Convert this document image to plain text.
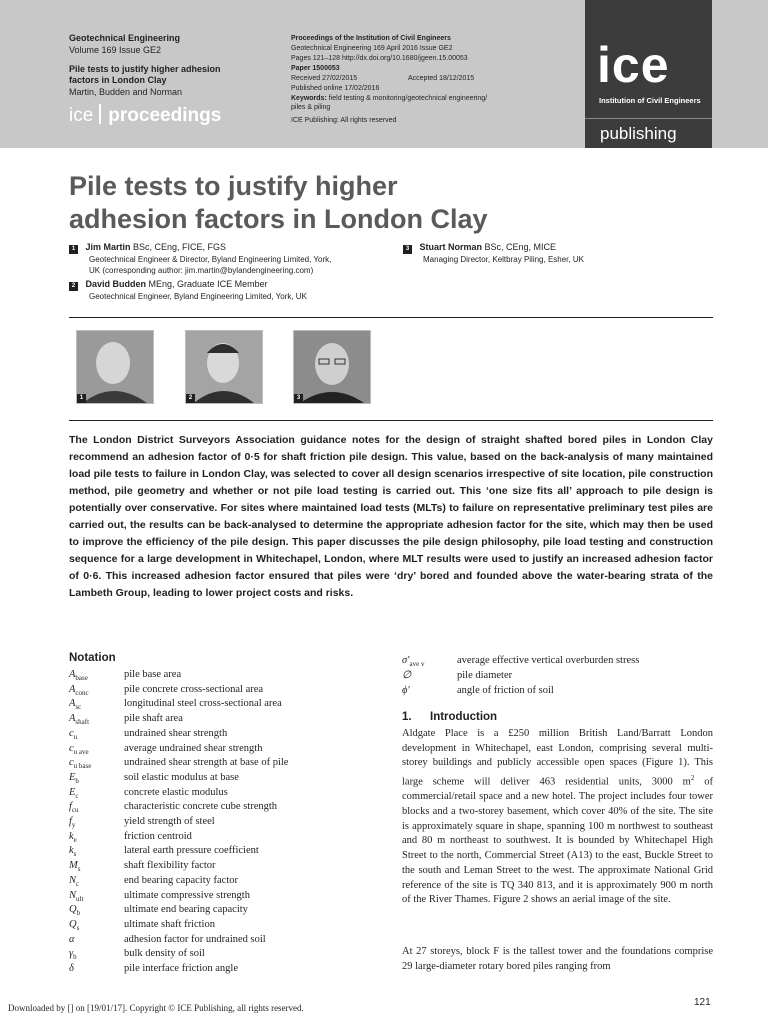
Geotechnical Engineering
Volume 169 Issue GE2
Pile tests to justify higher adhesion
factors in London Clay
Martin, Budden and Norman
ice proceedings
Proceedings of the Institution of Civil Engineers
Geotechnical Engineering 169 April 2016 Issue GE2
Pages 121–128 http://dx.doi.org/10.1680/jgeen.15.00053
Paper 1500053
Received 27/02/2015	Accepted 18/12/2015
Published online 17/02/2016
Keywords: field testing & monitoring/geotechnical engineering/
piles & piling
ICE Publishing: All rights reserved
ice
Institution of Civil Engineers
publishing
Pile tests to justify higher
adhesion factors in London Clay
1 Jim Martin BSc, CEng, FICE, FGS
Geotechnical Engineer & Director, Byland Engineering Limited, York,
UK (corresponding author: jim.martin@bylandengineering.com)
2 David Budden MEng, Graduate ICE Member
Geotechnical Engineer, Byland Engineering Limited, York, UK
3 Stuart Norman BSc, CEng, MICE
Managing Director, Keltbray Piling, Esher, UK
1	2	3
The London District Surveyors Association guidance notes for the design of straight shafted bored piles in London Clay recommend an adhesion factor of 0·5 for shaft friction pile design. This value, based on the back-analysis of many maintained load pile tests to failure in London Clay, was selected to cover all design scenarios irrespective of site location, pile construction method, pile geometry and whether or not pile load testing is carried out. This ‘one size fits all’ approach to pile design is potentially over conservative. For sites where maintained load tests (MLTs) to failure on representative preliminary test piles are carried out, the results can be back-analysed to determine the appropriate adhesion factor for the site, which may then be used to improve the efficiency of the pile design. This paper discusses the pile design philosophy, pile load testing and construction sequence for a large development in Whitechapel, London, where MLT results were used to justify an increased adhesion factor of 0·6. This increased adhesion factor ensured that piles were ‘dry’ bored and founded above the water-bearing strata of the Lambeth Group, leading to lower project costs and risks.
Notation
$A_{base}$	pile base area
$A_{conc}$	pile concrete cross-sectional area
$A_{sc}$	longitudinal steel cross-sectional area
$A_{shaft}$	pile shaft area
$c_u$	undrained shear strength
$c_{u ave}$	average undrained shear strength
$c_{u base}$	undrained shear strength at base of pile
$E_b$	soil elastic modulus at base
$E_c$	concrete elastic modulus
$f_{cu}$	characteristic concrete cube strength
$f_y$	yield strength of steel
$k_e$	friction centroid
$k_s$	lateral earth pressure coefficient
$M_s$	shaft flexibility factor
$N_c$	end bearing capacity factor
$N_{ult}$	ultimate compressive strength
$Q_b$	ultimate end bearing capacity
$Q_s$	ultimate shaft friction
α	adhesion factor for undrained soil
$\gamma_b$	bulk density of soil
δ	pile interface friction angle
$\sigma'_{ave v}$	average effective vertical overburden stress
∅	pile diameter
ϕ′	angle of friction of soil
1. Introduction
Aldgate Place is a £250 million British Land/Barratt London development in Whitechapel, east London, comprising several multi-storey buildings and publicly accessible open spaces (Figure 1). This large scheme will deliver 463 residential units, 3000 $m^2$ of commercial/retail space and a new hotel. The project includes four tower blocks and a two-storey basement, which cover 40% of the site. The site is approximately square in shape, spanning 100 m northwest to southeast and 80 m northeast to southwest. It is bounded by Whitechapel High Street to the north, Commercial Street (A13) to the east, Buckle Street to the south and Leman Street to the west. The approximate National Grid reference of the site is TQ 340 813, and it is approximately 900 m north of the River Thames. Figure 2 shows an aerial image of the site.
At 27 storeys, block F is the tallest tower and the foundations comprise 29 large-diameter rotary bored piles ranging from
Downloaded by [] on [19/01/17]. Copyright © ICE Publishing, all rights reserved.	121
